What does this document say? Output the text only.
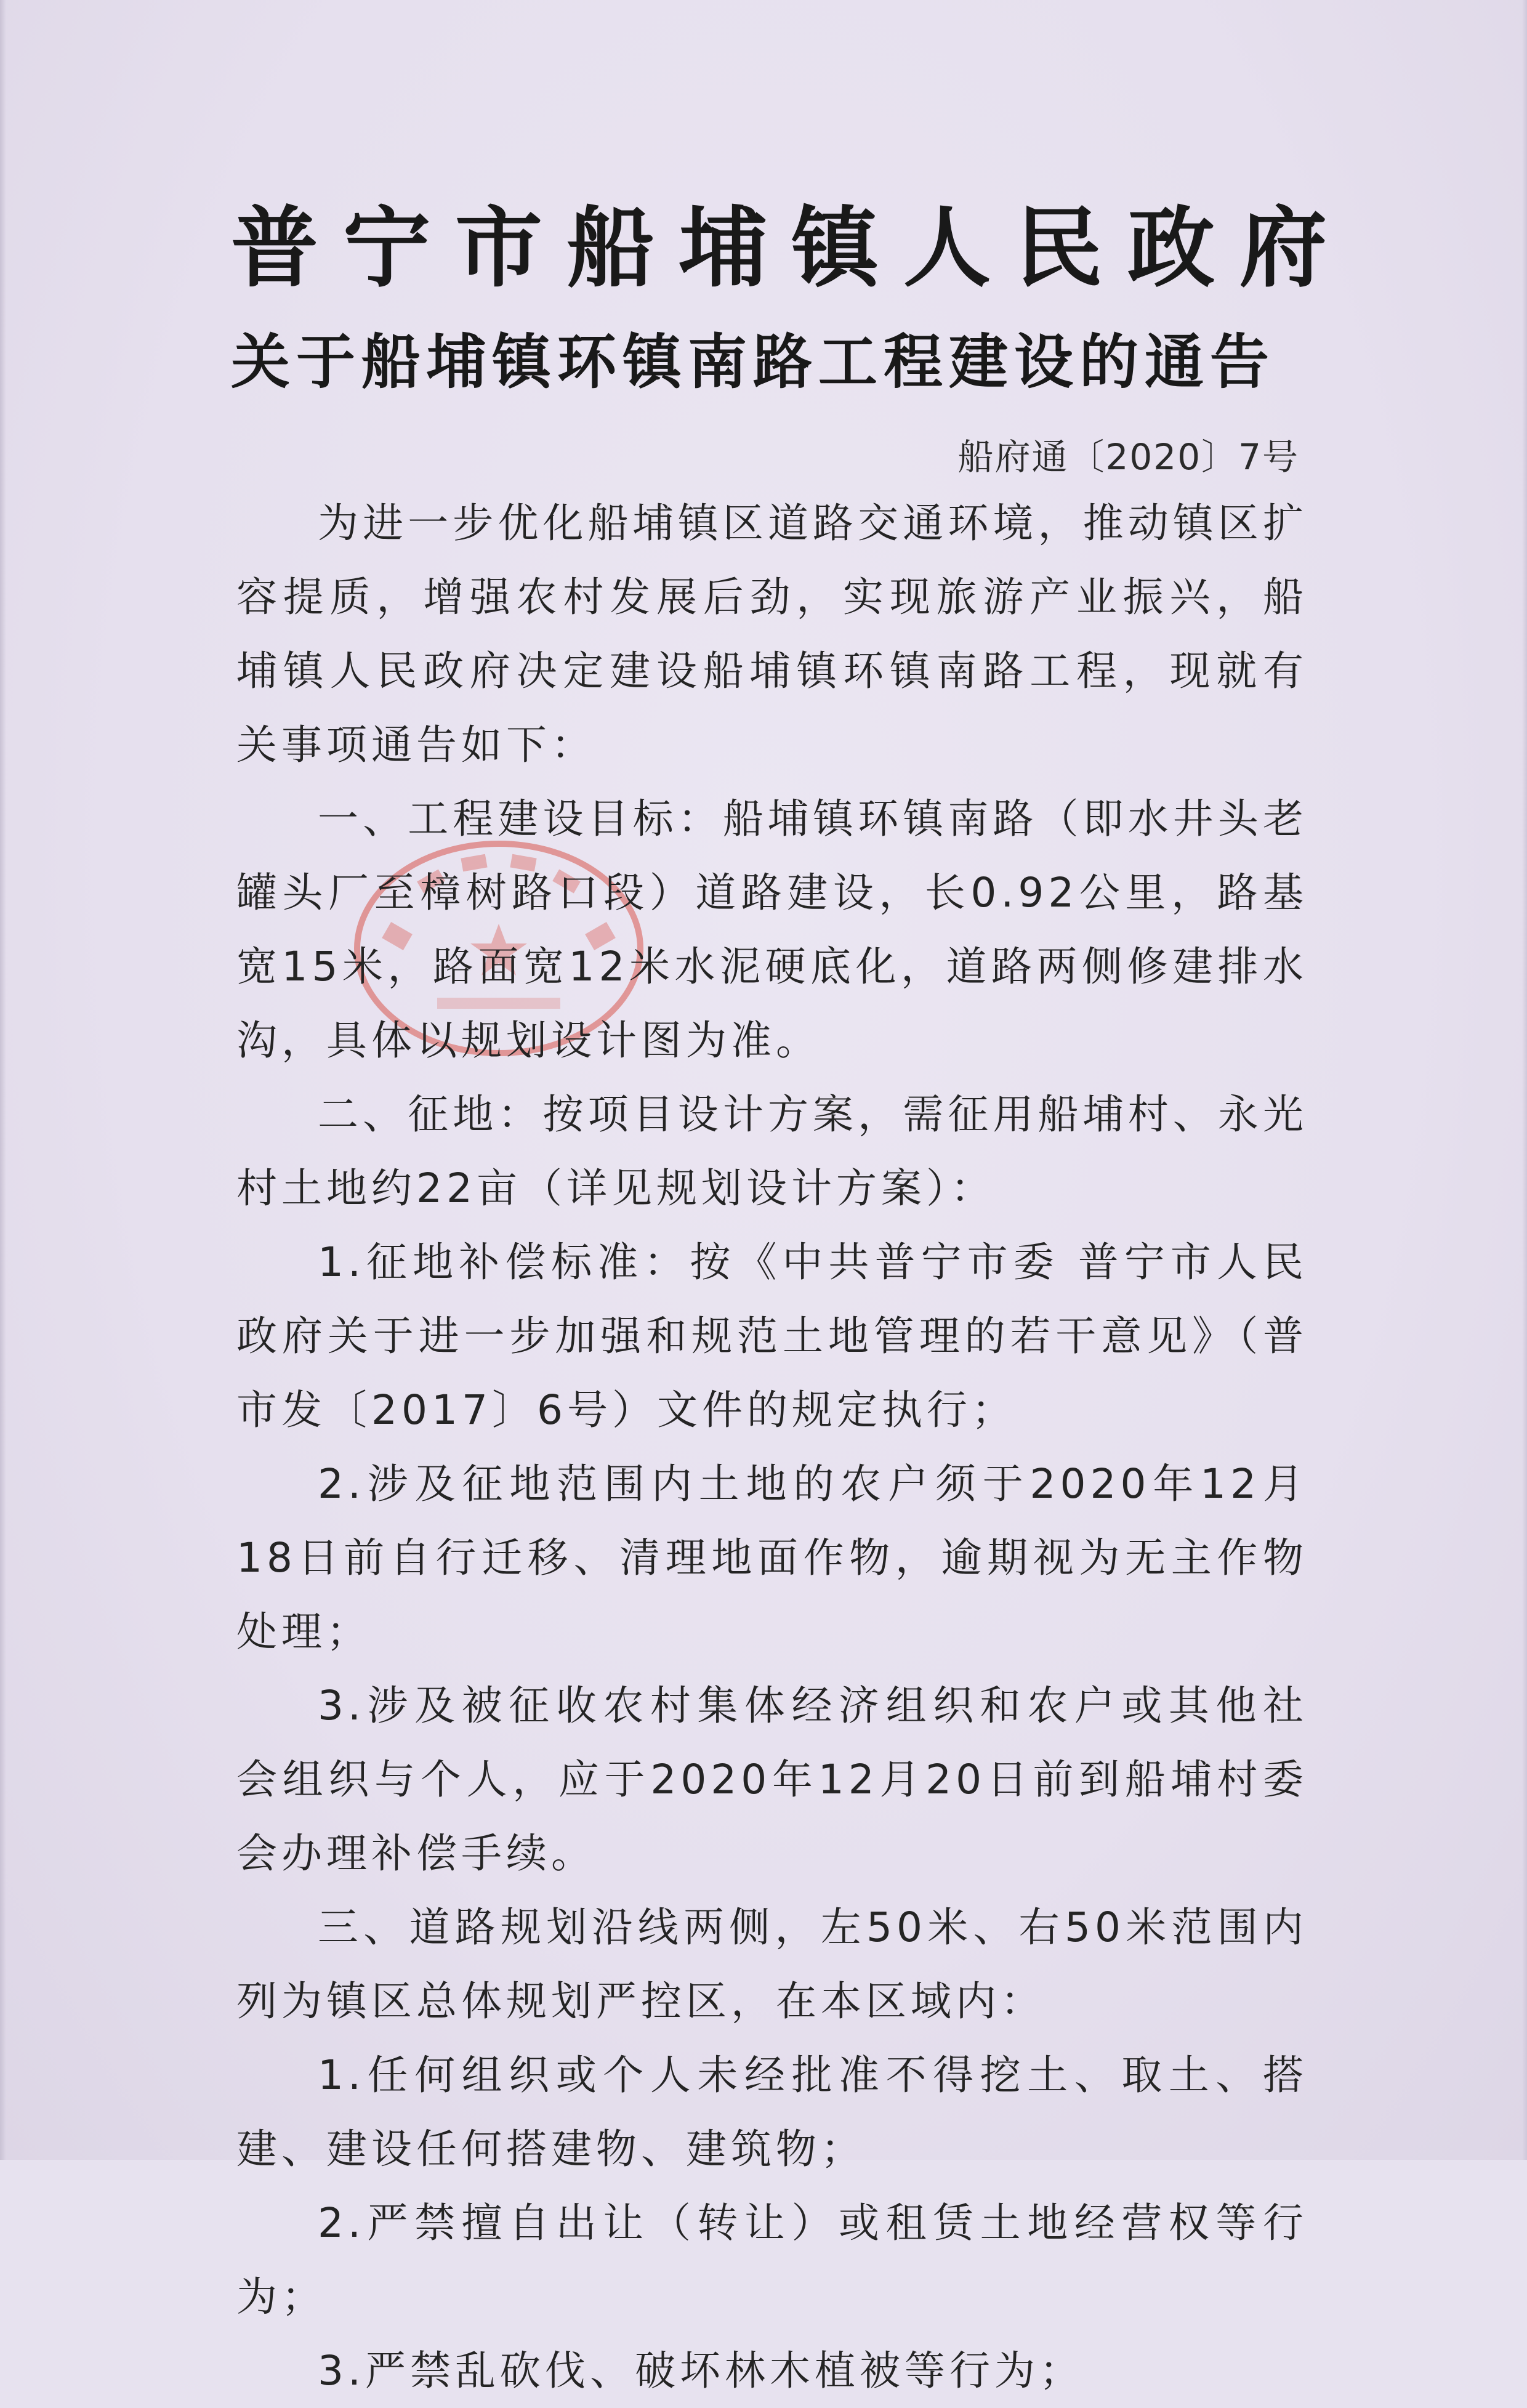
普宁市船埔镇人民政府
关于船埔镇环镇南路工程建设的通告
船府通〔2020〕7号

为进一步优化船埔镇区道路交通环境，推动镇区扩容提质，增强农村发展后劲，实现旅游产业振兴，船埔镇人民政府决定建设船埔镇环镇南路工程，现就有关事项通告如下：

一、工程建设目标：船埔镇环镇南路（即水井头老罐头厂至樟树路口段）道路建设，长0.92公里，路基宽15米，路面宽12米水泥硬底化，道路两侧修建排水沟，具体以规划设计图为准。

二、征地：按项目设计方案，需征用船埔村、永光村土地约22亩（详见规划设计方案）：

1.征地补偿标准：按《中共普宁市委 普宁市人民政府关于进一步加强和规范土地管理的若干意见》（普市发〔2017〕6号）文件的规定执行；

2.涉及征地范围内土地的农户须于2020年12月18日前自行迁移、清理地面作物，逾期视为无主作物处理；

3.涉及被征收农村集体经济组织和农户或其他社会组织与个人，应于2020年12月20日前到船埔村委会办理补偿手续。

三、道路规划沿线两侧，左50米、右50米范围内列为镇区总体规划严控区，在本区域内：

1.任何组织或个人未经批准不得挖土、取土、搭建、建设任何搭建物、建筑物；

2.严禁擅自出让（转让）或租赁土地经营权等行为；

3.严禁乱砍伐、破坏林木植被等行为；
